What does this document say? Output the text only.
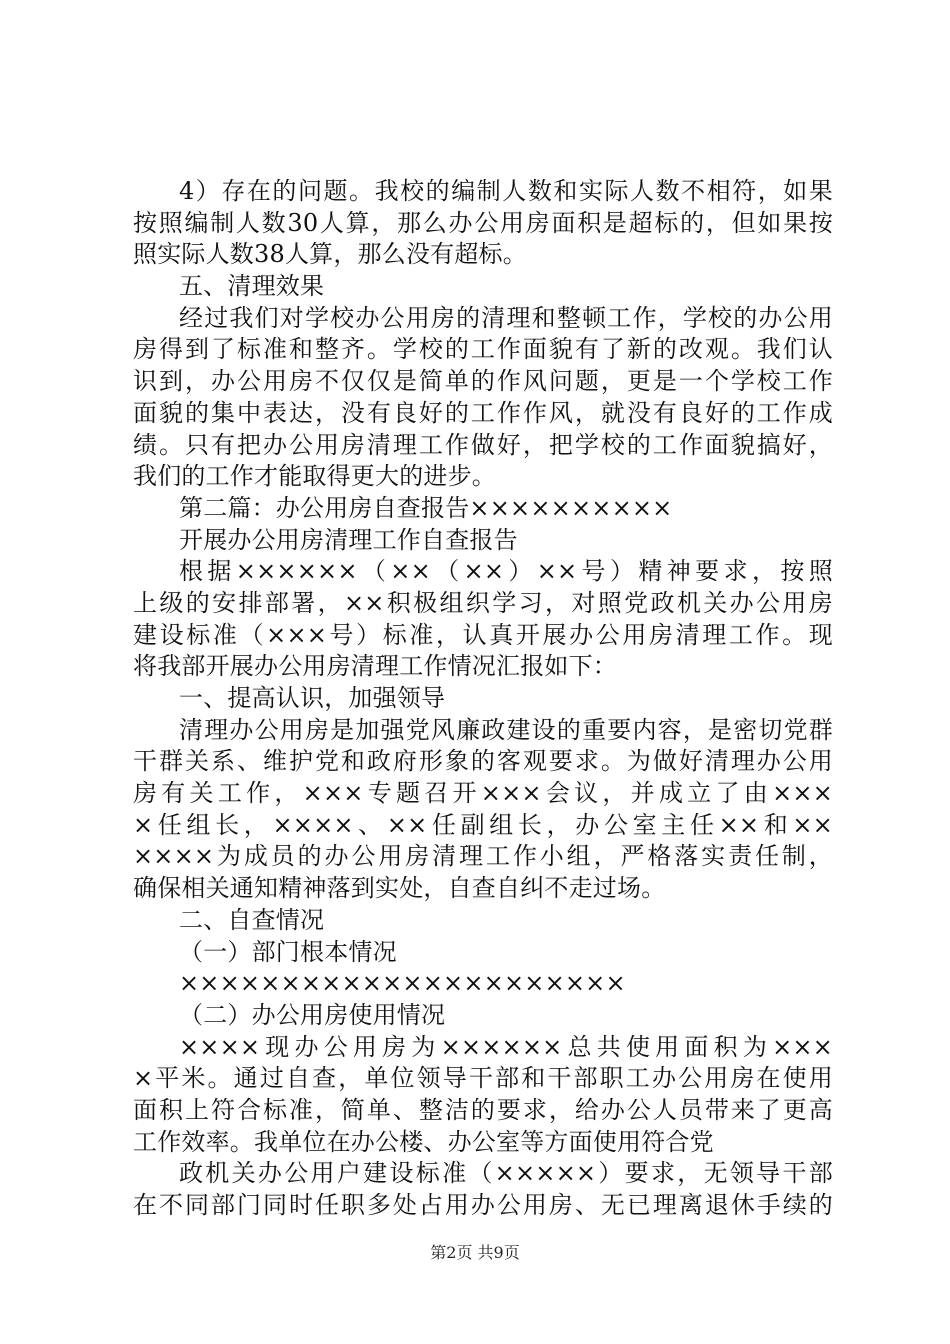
4）存在的问题。我校的编制人数和实际人数不相符，如果
按照编制人数30人算，那么办公用房面积是超标的，但如果按
照实际人数38人算，那么没有超标。
五、清理效果
经过我们对学校办公用房的清理和整顿工作，学校的办公用
房得到了标准和整齐。学校的工作面貌有了新的改观。我们认
识到，办公用房不仅仅是简单的作风问题，更是一个学校工作
面貌的集中表达，没有良好的工作作风，就没有良好的工作成
绩。只有把办公用房清理工作做好，把学校的工作面貌搞好，
我们的工作才能取得更大的进步。
第二篇：办公用房自查报告××××××××××
开展办公用房清理工作自查报告
根据××××××（××（××）××号）精神要求，按照
上级的安排部署，××积极组织学习，对照党政机关办公用房
建设标准（×××号）标准，认真开展办公用房清理工作。现
将我部开展办公用房清理工作情况汇报如下：
一、提高认识，加强领导
清理办公用房是加强党风廉政建设的重要内容，是密切党群
干群关系、维护党和政府形象的客观要求。为做好清理办公用
房有关工作，×××专题召开×××会议，并成立了由×××
×任组长，××××、××任副组长，办公室主任××和××
××××为成员的办公用房清理工作小组，严格落实责任制，
确保相关通知精神落到实处，自查自纠不走过场。
二、自查情况
（一）部门根本情况
××××××××××××××××××××××
（二）办公用房使用情况
××××现办公用房为××××××总共使用面积为×××
×平米。通过自查，单位领导干部和干部职工办公用房在使用
面积上符合标准，简单、整洁的要求，给办公人员带来了更高
工作效率。我单位在办公楼、办公室等方面使用符合党
政机关办公用户建设标准（×××××）要求，无领导干部
在不同部门同时任职多处占用办公用房、无已理离退休手续的
第2页 共9页
